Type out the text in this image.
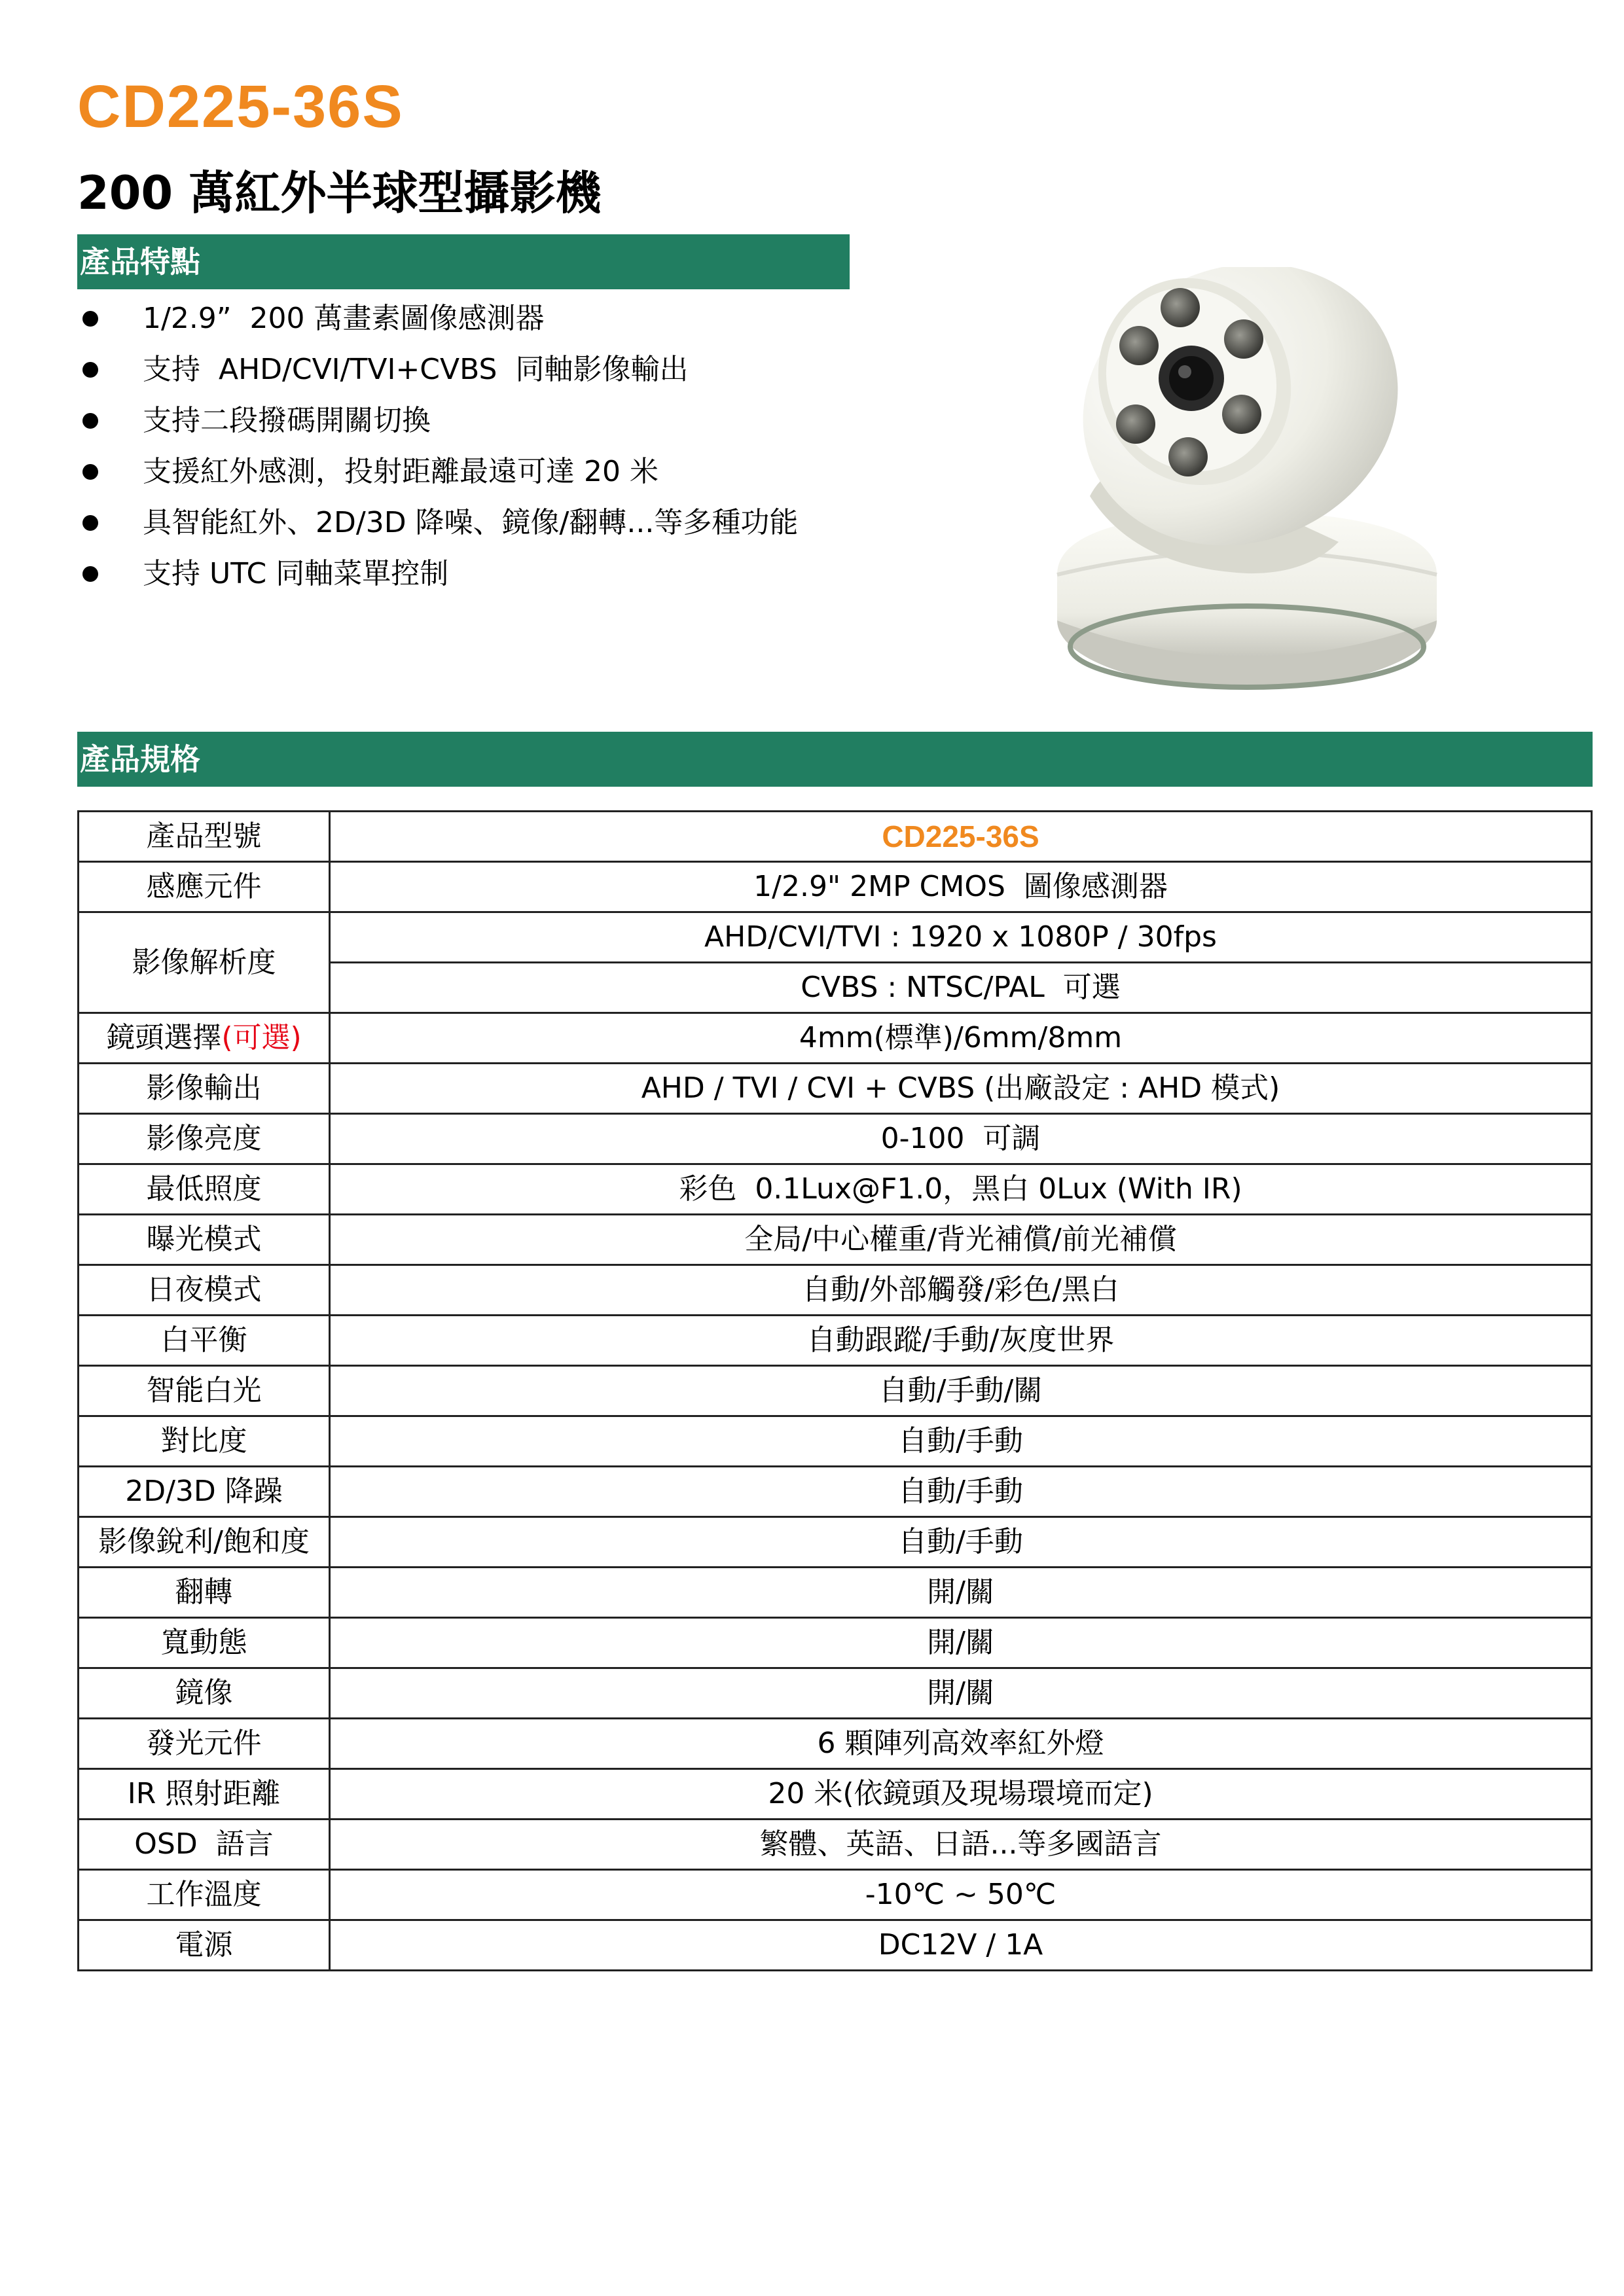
CD225-36S
200 萬紅外半球型攝影機
產品特點
1/2.9”  200 萬畫素圖像感測器
支持  AHD/CVI/TVI+CVBS  同軸影像輸出
支持二段撥碼開關切換
支援紅外感測，投射距離最遠可達 20 米
具智能紅外、2D/3D 降噪、鏡像/翻轉...等多種功能
支持 UTC 同軸菜單控制
產品規格
產品型號	CD225-36S
感應元件	1/2.9" 2MP CMOS  圖像感測器
影像解析度	AHD/CVI/TVI : 1920 x 1080P / 30fps
	CVBS : NTSC/PAL  可選
鏡頭選擇(可選)	4mm(標準)/6mm/8mm
影像輸出	AHD / TVI / CVI + CVBS (出廠設定 : AHD 模式)
影像亮度	0-100  可調
最低照度	彩色  0.1Lux@F1.0，黑白 0Lux (With IR)
曝光模式	全局/中心權重/背光補償/前光補償
日夜模式	自動/外部觸發/彩色/黑白
白平衡	自動跟蹤/手動/灰度世界
智能白光	自動/手動/關
對比度	自動/手動
2D/3D 降躁	自動/手動
影像銳利/飽和度	自動/手動
翻轉	開/關
寬動態	開/關
鏡像	開/關
發光元件	6 顆陣列高效率紅外燈
IR 照射距離	20 米(依鏡頭及現場環境而定)
OSD  語言	繁體、英語、日語...等多國語言
工作溫度	-10℃ ~ 50℃
電源	DC12V / 1A
